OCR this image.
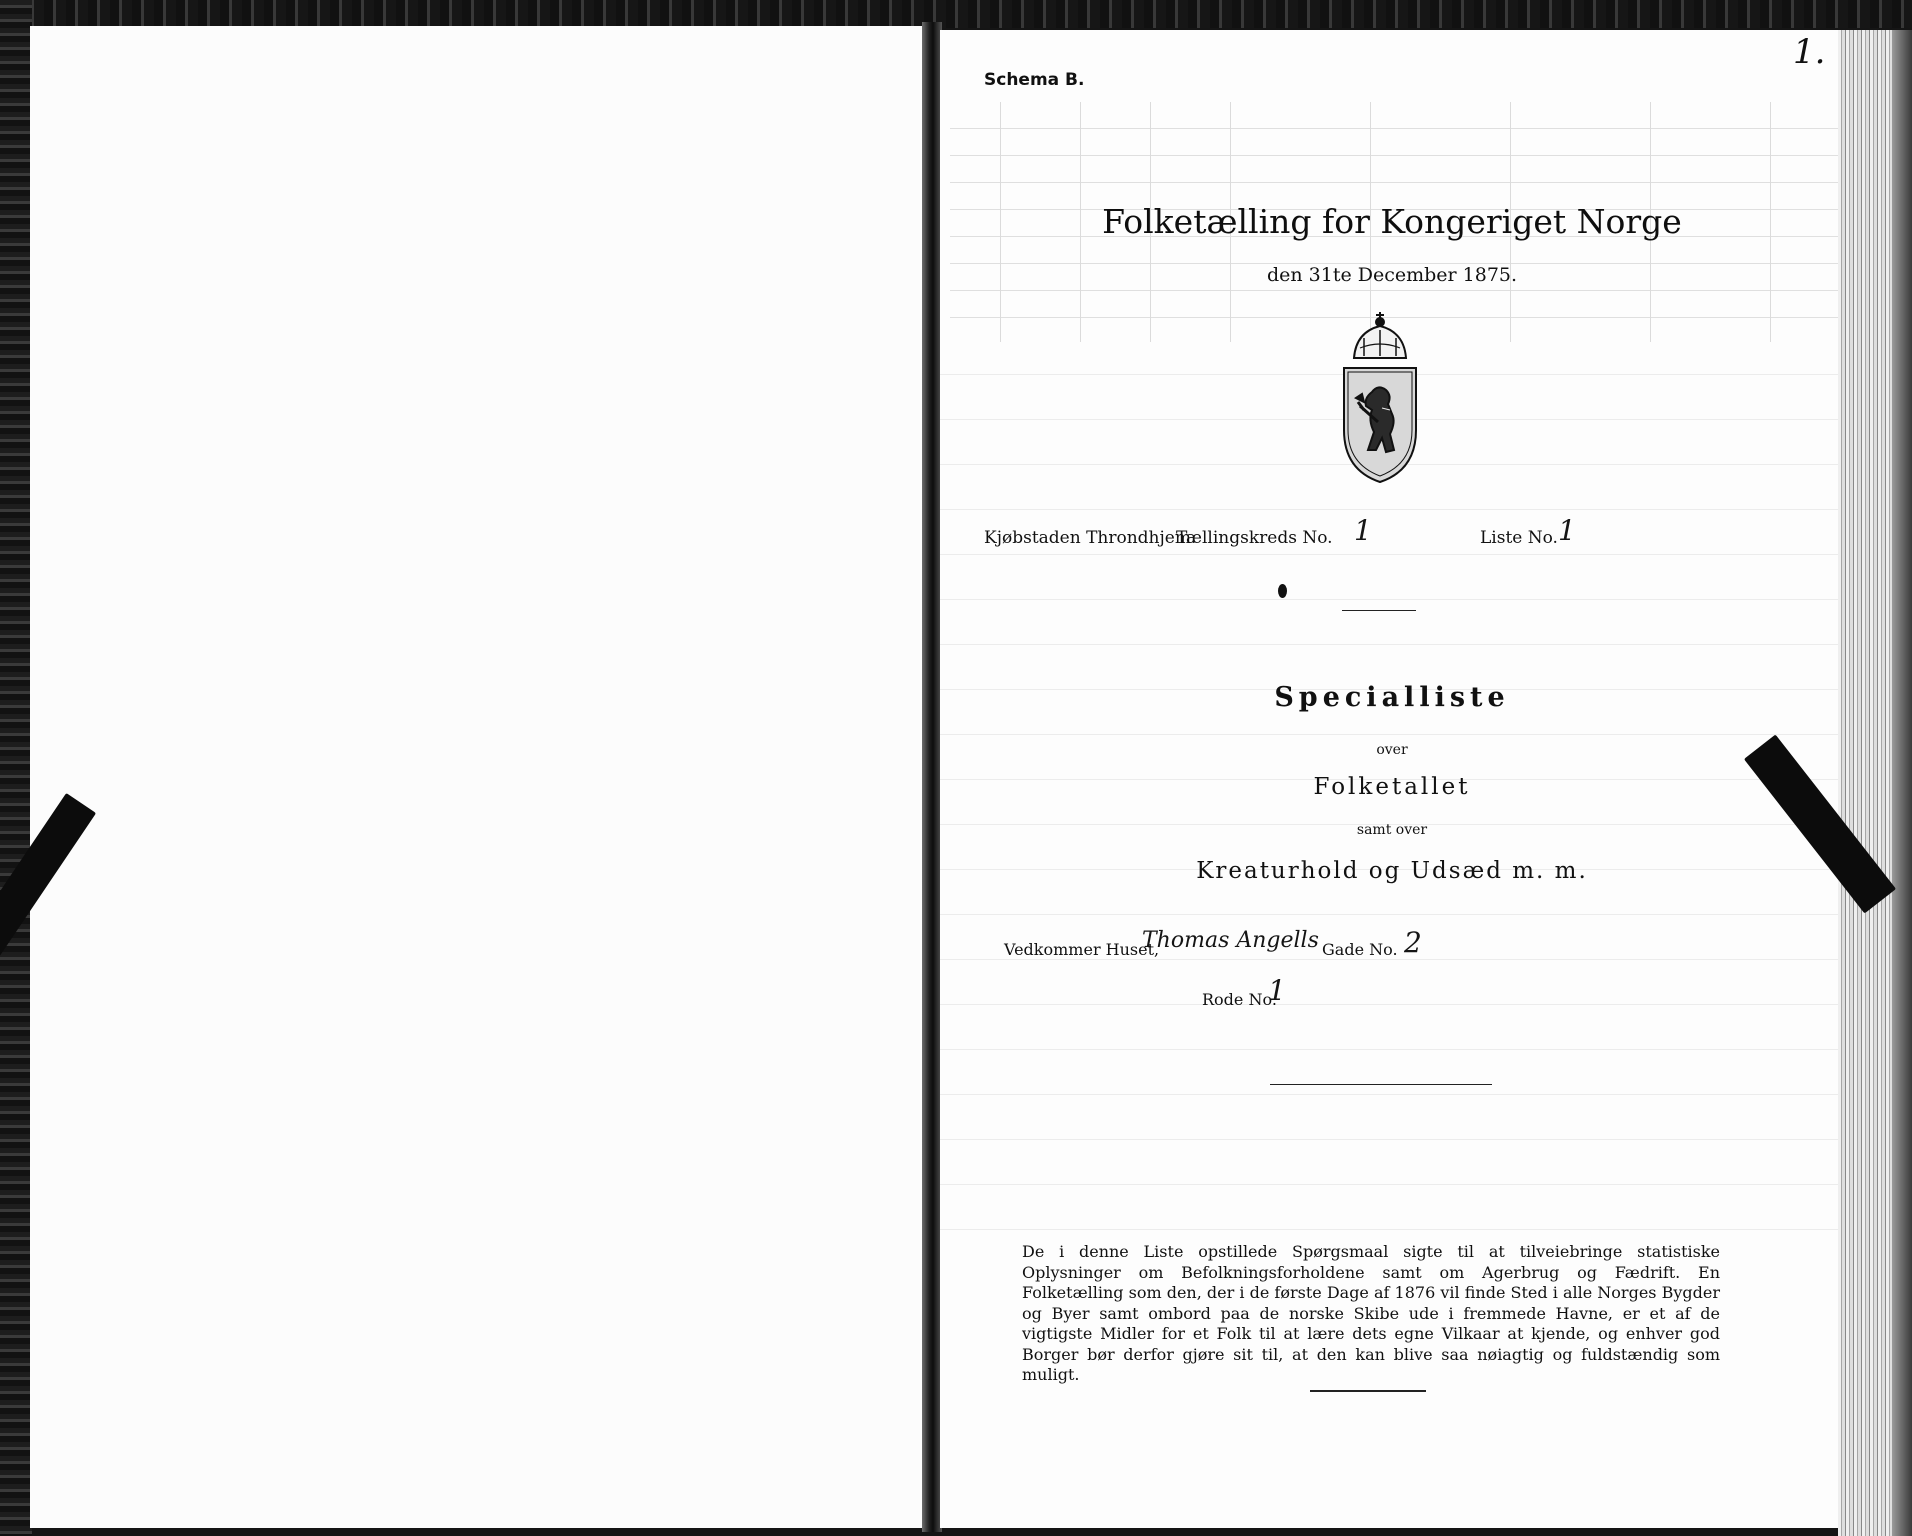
Schema B.
Folketælling for Kongeriget Norge
den 31te December 1875.
Kjøbstaden Throndhjem.
Tællingskreds No. 1	Liste No. 1
Specialliste
over
Folketallet
samt over
Kreaturhold og Udsæd m. m.
Vedkommer Huset,
Thomas Angells Gade No. 2
Rode No.
1
De i denne Liste opstillede Spørgsmaal sigte til at tilveiebringe statistiske Oplysninger om Befolkningsforholdene samt om Agerbrug og Fædrift. En Folketælling som den, der i de første Dage af 1876 vil finde Sted i alle Norges Bygder og Byer samt ombord paa de norske Skibe ude i fremmede Havne, er et af de vigtigste Midler for et Folk til at lære dets egne Vilkaar at kjende, og enhver god Borger bør derfor gjøre sit til, at den kan blive saa nøiagtig og fuldstændig som muligt.
1.
